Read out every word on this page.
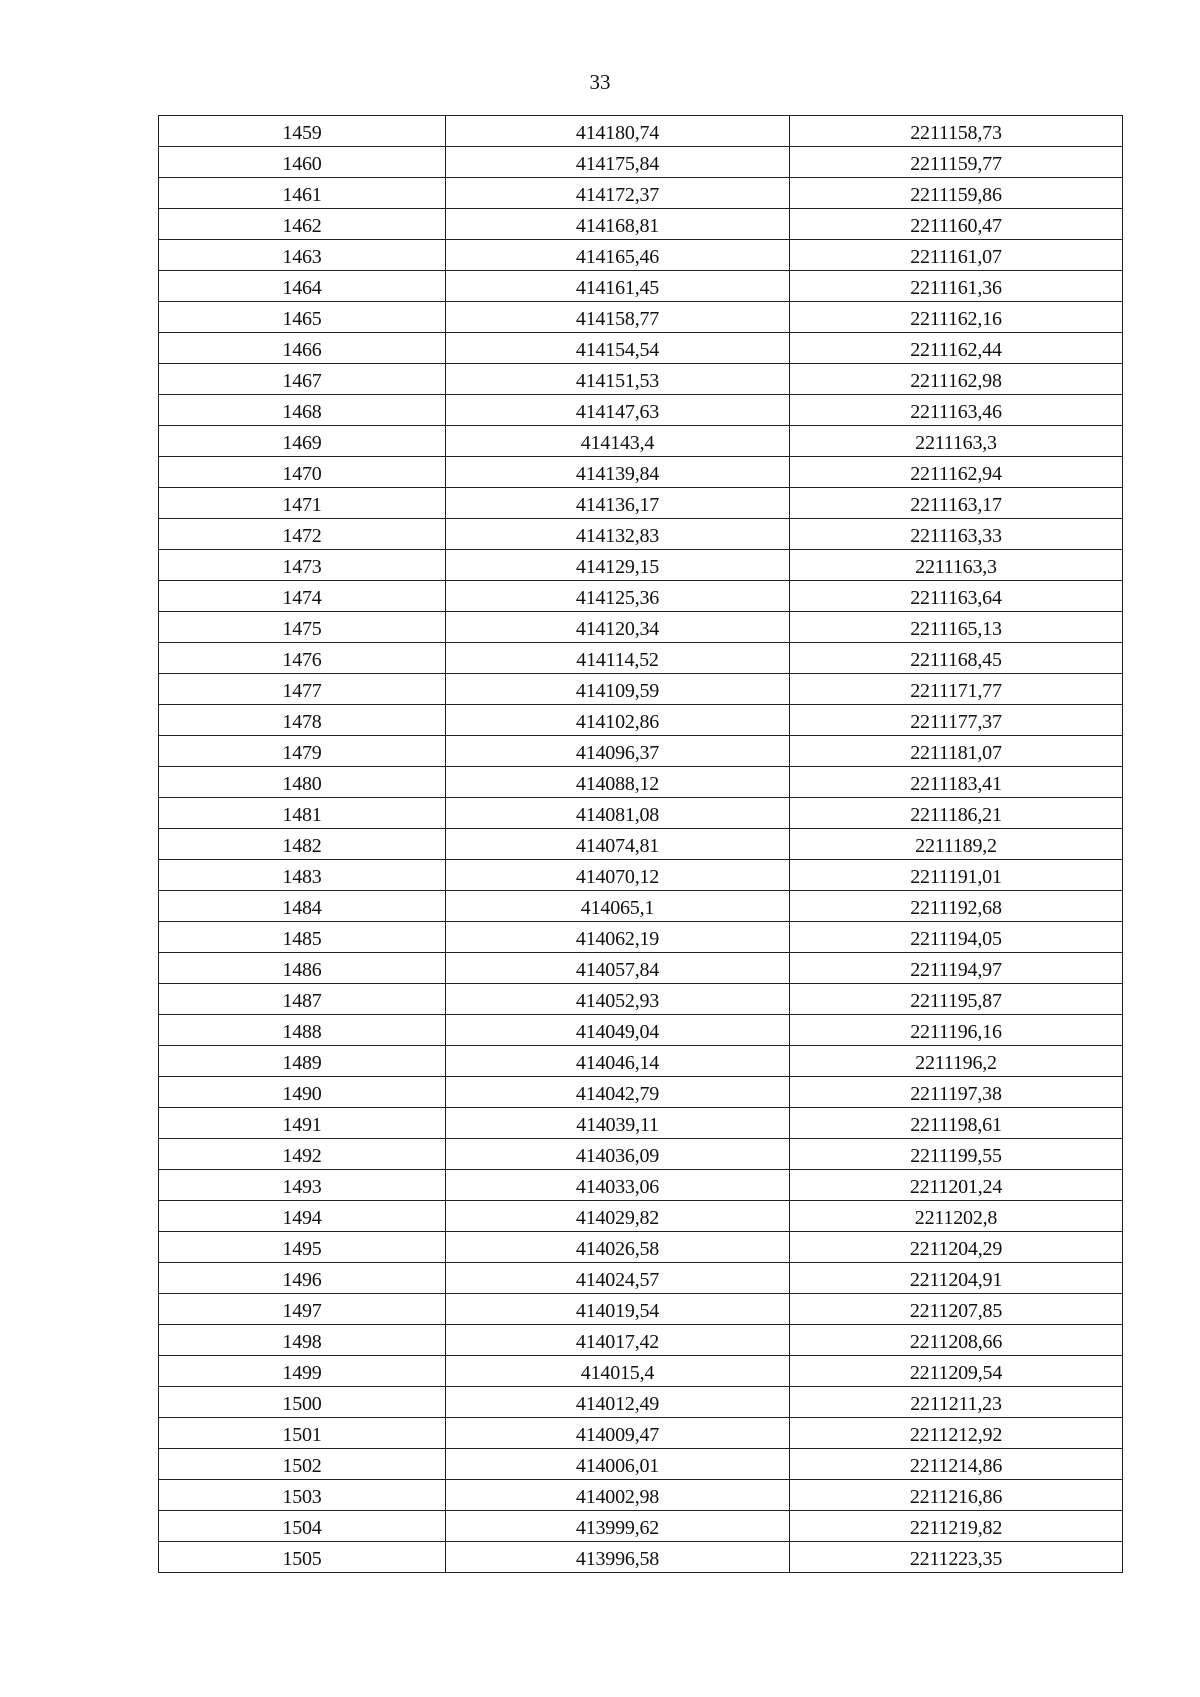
33
1459	414180,74	2211158,73
1460	414175,84	2211159,77
1461	414172,37	2211159,86
1462	414168,81	2211160,47
1463	414165,46	2211161,07
1464	414161,45	2211161,36
1465	414158,77	2211162,16
1466	414154,54	2211162,44
1467	414151,53	2211162,98
1468	414147,63	2211163,46
1469	414143,4	2211163,3
1470	414139,84	2211162,94
1471	414136,17	2211163,17
1472	414132,83	2211163,33
1473	414129,15	2211163,3
1474	414125,36	2211163,64
1475	414120,34	2211165,13
1476	414114,52	2211168,45
1477	414109,59	2211171,77
1478	414102,86	2211177,37
1479	414096,37	2211181,07
1480	414088,12	2211183,41
1481	414081,08	2211186,21
1482	414074,81	2211189,2
1483	414070,12	2211191,01
1484	414065,1	2211192,68
1485	414062,19	2211194,05
1486	414057,84	2211194,97
1487	414052,93	2211195,87
1488	414049,04	2211196,16
1489	414046,14	2211196,2
1490	414042,79	2211197,38
1491	414039,11	2211198,61
1492	414036,09	2211199,55
1493	414033,06	2211201,24
1494	414029,82	2211202,8
1495	414026,58	2211204,29
1496	414024,57	2211204,91
1497	414019,54	2211207,85
1498	414017,42	2211208,66
1499	414015,4	2211209,54
1500	414012,49	2211211,23
1501	414009,47	2211212,92
1502	414006,01	2211214,86
1503	414002,98	2211216,86
1504	413999,62	2211219,82
1505	413996,58	2211223,35
